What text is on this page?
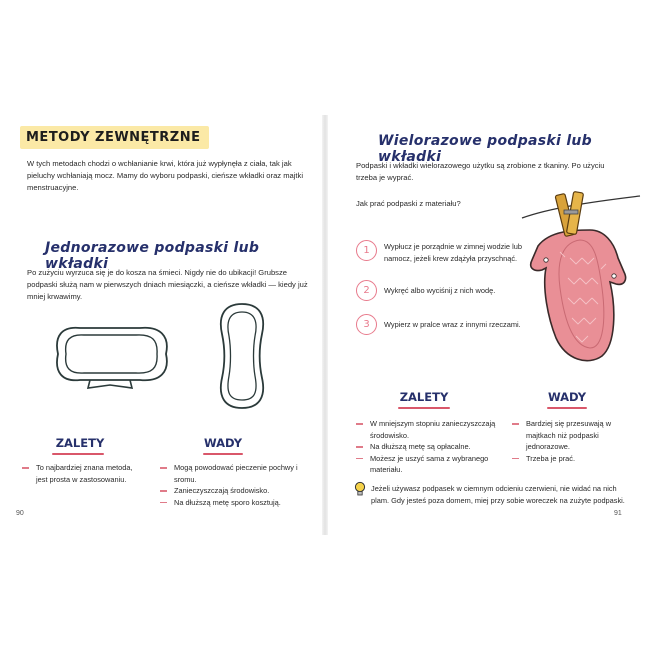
METODY ZEWNĘTRZNE
W tych metodach chodzi o wchłanianie krwi, która już wypłynęła z ciała, tak jak pieluchy wchłaniają mocz. Mamy do wyboru podpaski, cieńsze wkładki oraz majtki menstruacyjne.
Jednorazowe podpaski lub wkładki
Po zużyciu wyrzuca się je do kosza na śmieci. Nigdy nie do ubikacji! Grubsze podpaski służą nam w pierwszych dniach miesiączki, a cieńsze wkładki — kiedy już mniej krwawimy.
ZALETY
To najbardziej znana metoda, jest prosta w zastosowaniu.
WADY
Mogą powodować pieczenie pochwy i sromu.
Zanieczyszczają środowisko.
Na dłuższą metę sporo kosztują.
90
Wielorazowe podpaski lub wkładki
Podpaski i wkładki wielorazowego użytku są zrobione z tkaniny. Po użyciu trzeba je wyprać.
Jak prać podpaski z materiału?
1	Wypłucz je porządnie w zimnej wodzie lub namocz, jeżeli krew zdążyła przyschnąć.
2	Wykręć albo wyciśnij z nich wodę.
3	Wypierz w pralce wraz z innymi rzeczami.
ZALETY
W mniejszym stopniu zanieczyszczają środowisko.
Na dłuższą metę są opłacalne.
Możesz je uszyć sama z wybranego materiału.
WADY
Bardziej się przesuwają w majtkach niż podpaski jednorazowe.
Trzeba je prać.
Jeżeli używasz podpasek w ciemnym odcieniu czerwieni, nie widać na nich plam. Gdy jesteś poza domem, miej przy sobie woreczek na zużyte podpaski.
91
